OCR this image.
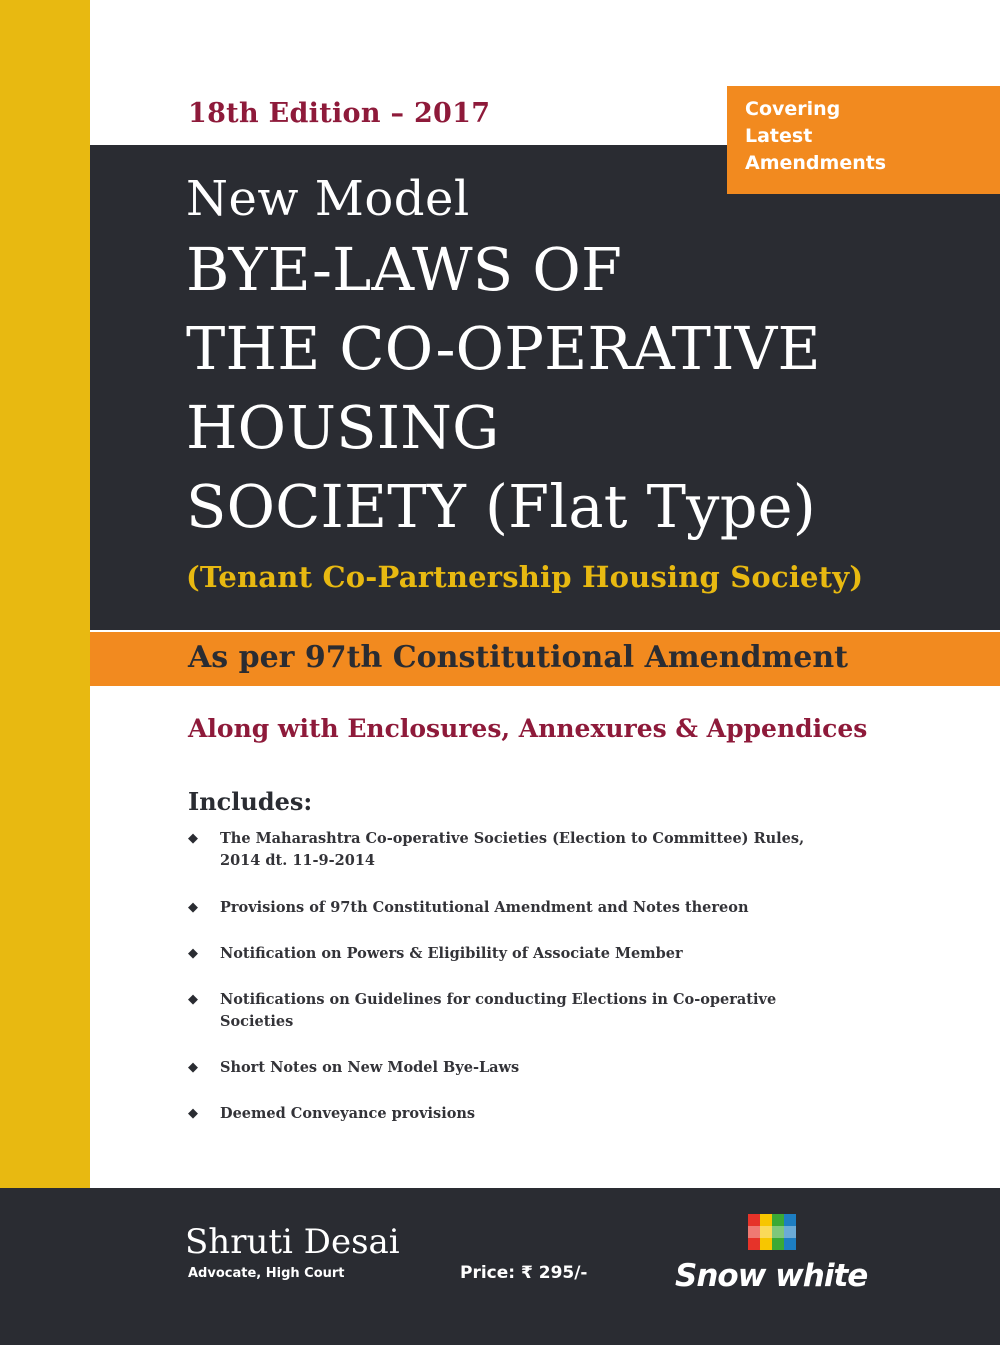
18th Edition – 2017	Covering
Latest
Amendments
New Model
BYE-LAWS OF
THE CO-OPERATIVE
HOUSING
SOCIETY (Flat Type)
(Tenant Co-Partnership Housing Society)
As per 97th Constitutional Amendment
Along with Enclosures, Annexures & Appendices
Includes:
◆ The Maharashtra Co-operative Societies (Election to Committee) Rules, 2014 dt. 11-9-2014
◆ Provisions of 97th Constitutional Amendment and Notes thereon
◆ Notification on Powers & Eligibility of Associate Member
◆ Notifications on Guidelines for conducting Elections in Co-operative Societies
◆ Short Notes on New Model Bye-Laws
◆ Deemed Conveyance provisions
Shruti Desai
Advocate, High Court	Price: ₹ 295/-	Snow white
